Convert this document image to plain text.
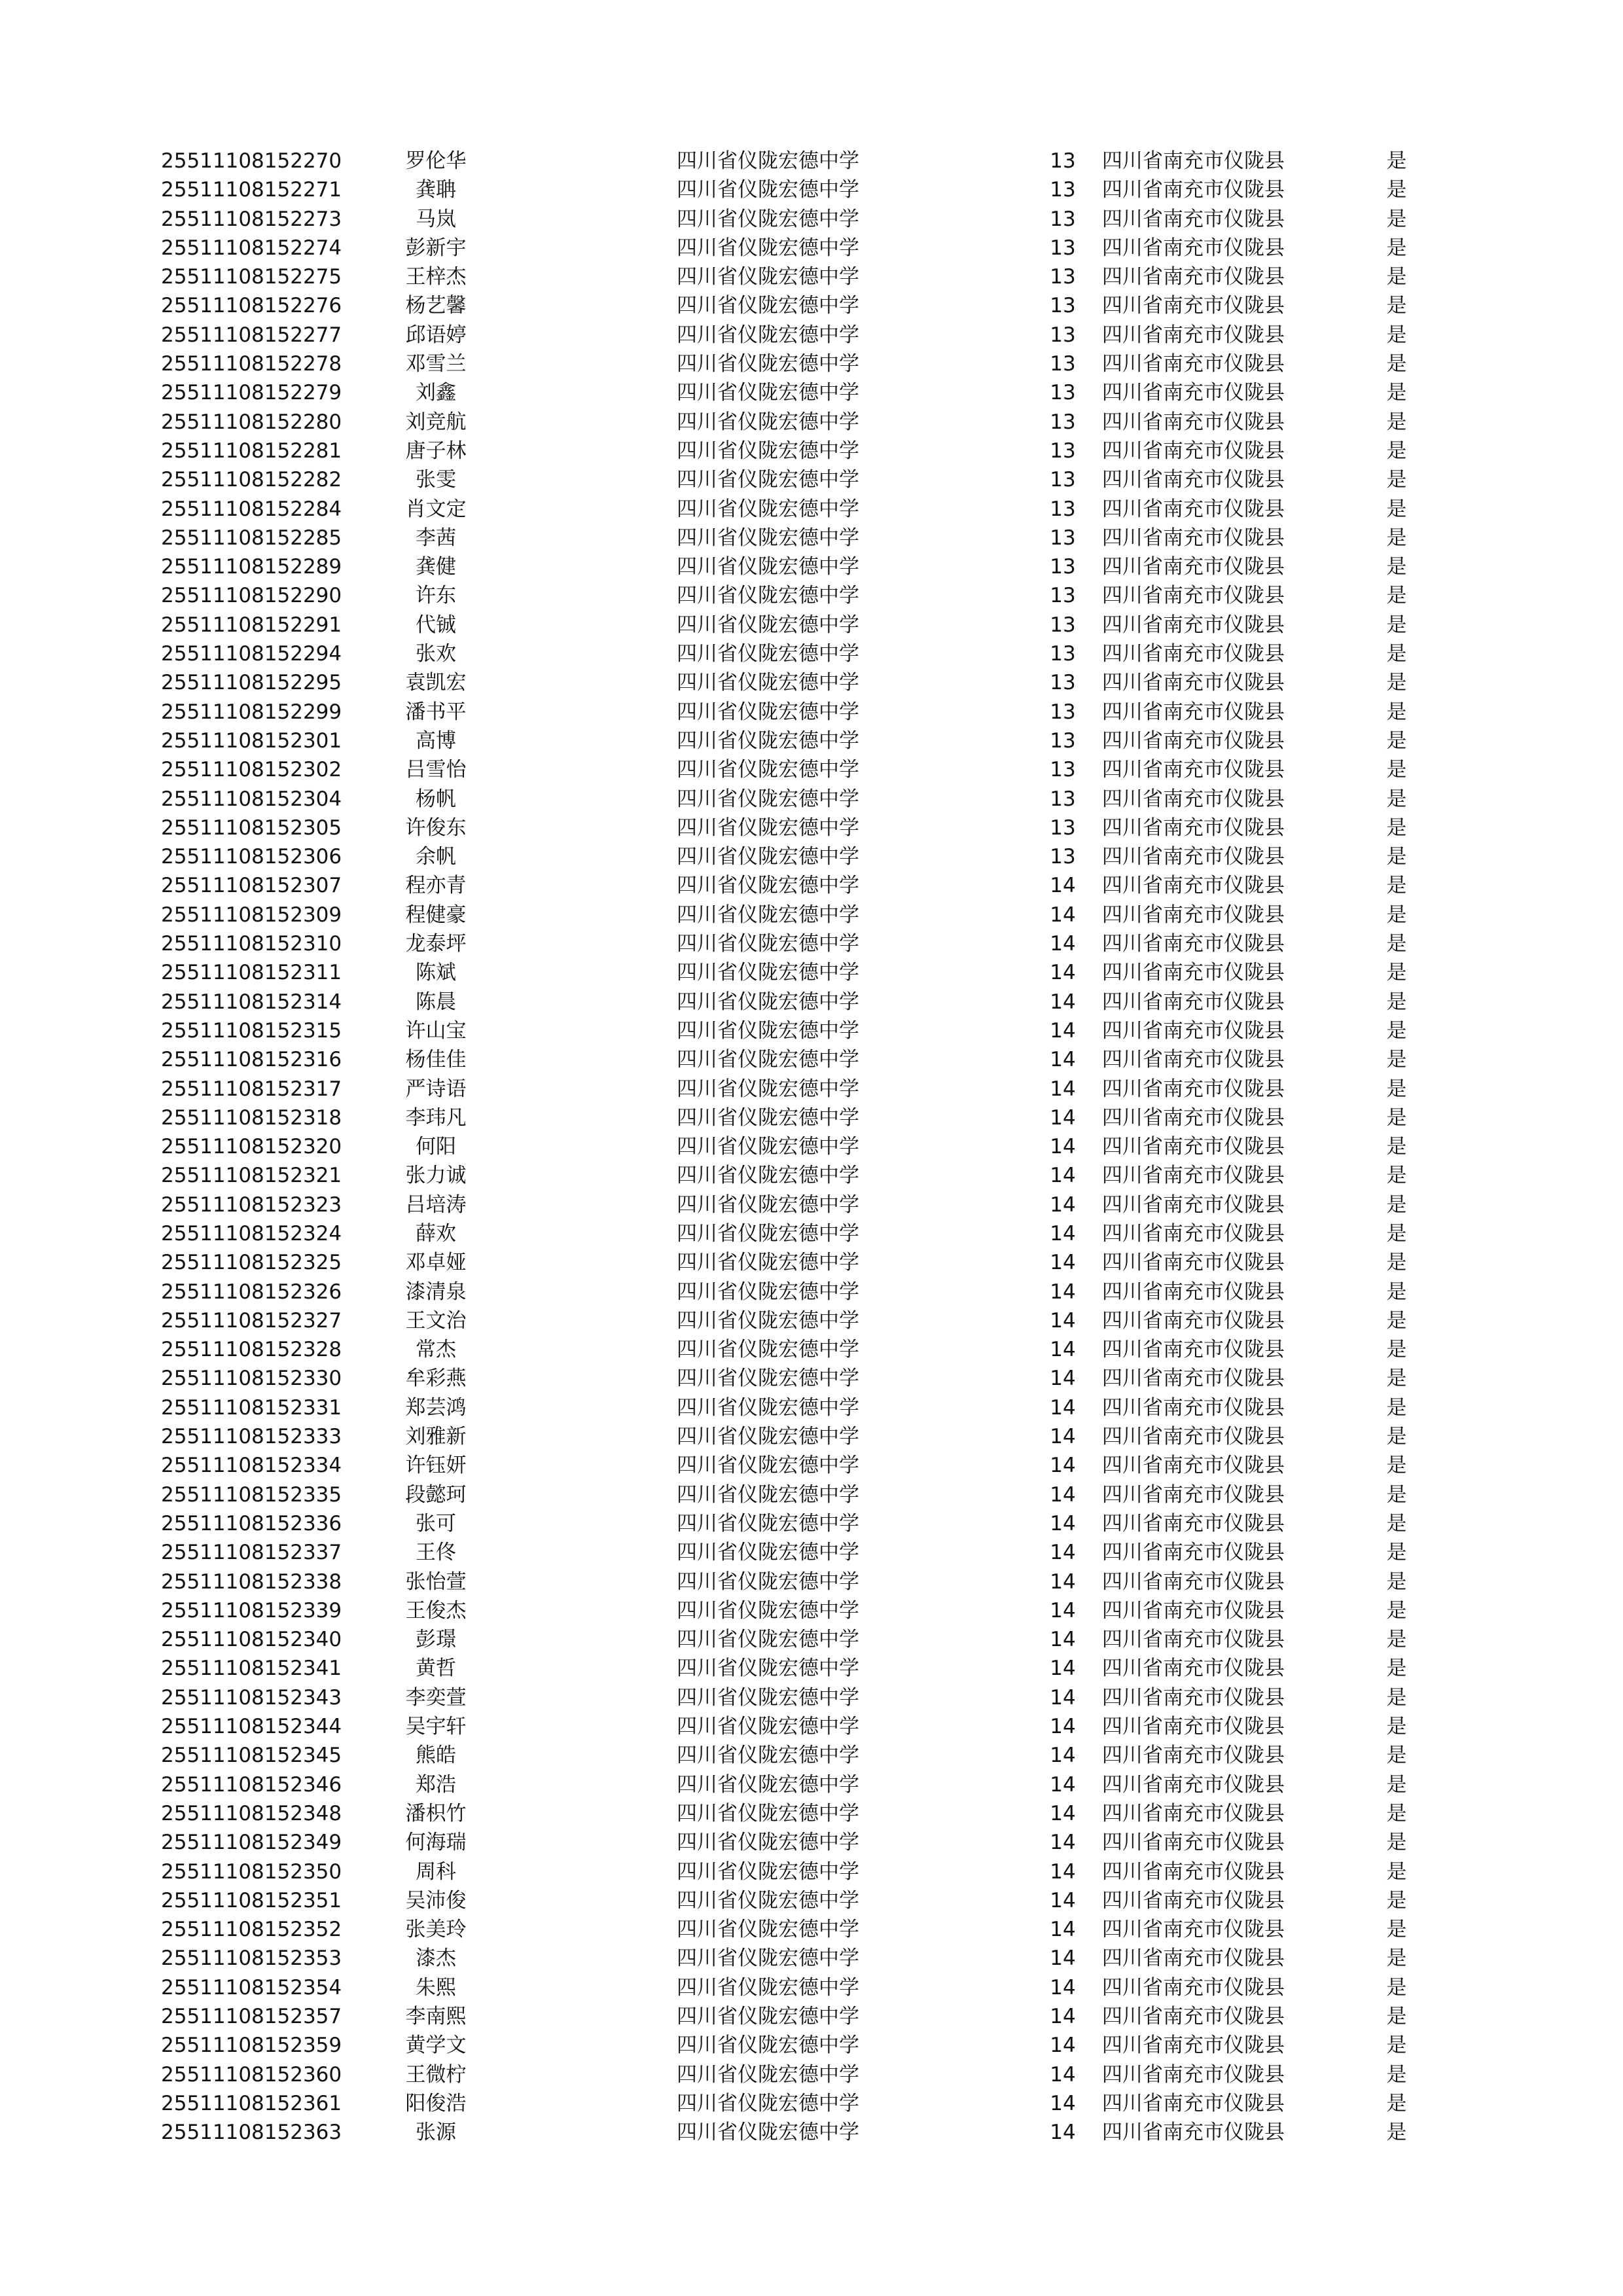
25511108152270	罗伦华	四川省仪陇宏德中学	13	四川省南充市仪陇县	是
25511108152271	龚聃	四川省仪陇宏德中学	13	四川省南充市仪陇县	是
25511108152273	马岚	四川省仪陇宏德中学	13	四川省南充市仪陇县	是
25511108152274	彭新宇	四川省仪陇宏德中学	13	四川省南充市仪陇县	是
25511108152275	王梓杰	四川省仪陇宏德中学	13	四川省南充市仪陇县	是
25511108152276	杨艺馨	四川省仪陇宏德中学	13	四川省南充市仪陇县	是
25511108152277	邱语婷	四川省仪陇宏德中学	13	四川省南充市仪陇县	是
25511108152278	邓雪兰	四川省仪陇宏德中学	13	四川省南充市仪陇县	是
25511108152279	刘鑫	四川省仪陇宏德中学	13	四川省南充市仪陇县	是
25511108152280	刘竞航	四川省仪陇宏德中学	13	四川省南充市仪陇县	是
25511108152281	唐子林	四川省仪陇宏德中学	13	四川省南充市仪陇县	是
25511108152282	张雯	四川省仪陇宏德中学	13	四川省南充市仪陇县	是
25511108152284	肖文定	四川省仪陇宏德中学	13	四川省南充市仪陇县	是
25511108152285	李茜	四川省仪陇宏德中学	13	四川省南充市仪陇县	是
25511108152289	龚健	四川省仪陇宏德中学	13	四川省南充市仪陇县	是
25511108152290	许东	四川省仪陇宏德中学	13	四川省南充市仪陇县	是
25511108152291	代铖	四川省仪陇宏德中学	13	四川省南充市仪陇县	是
25511108152294	张欢	四川省仪陇宏德中学	13	四川省南充市仪陇县	是
25511108152295	袁凯宏	四川省仪陇宏德中学	13	四川省南充市仪陇县	是
25511108152299	潘书平	四川省仪陇宏德中学	13	四川省南充市仪陇县	是
25511108152301	高博	四川省仪陇宏德中学	13	四川省南充市仪陇县	是
25511108152302	吕雪怡	四川省仪陇宏德中学	13	四川省南充市仪陇县	是
25511108152304	杨帆	四川省仪陇宏德中学	13	四川省南充市仪陇县	是
25511108152305	许俊东	四川省仪陇宏德中学	13	四川省南充市仪陇县	是
25511108152306	余帆	四川省仪陇宏德中学	13	四川省南充市仪陇县	是
25511108152307	程亦青	四川省仪陇宏德中学	14	四川省南充市仪陇县	是
25511108152309	程健豪	四川省仪陇宏德中学	14	四川省南充市仪陇县	是
25511108152310	龙泰坪	四川省仪陇宏德中学	14	四川省南充市仪陇县	是
25511108152311	陈斌	四川省仪陇宏德中学	14	四川省南充市仪陇县	是
25511108152314	陈晨	四川省仪陇宏德中学	14	四川省南充市仪陇县	是
25511108152315	许山宝	四川省仪陇宏德中学	14	四川省南充市仪陇县	是
25511108152316	杨佳佳	四川省仪陇宏德中学	14	四川省南充市仪陇县	是
25511108152317	严诗语	四川省仪陇宏德中学	14	四川省南充市仪陇县	是
25511108152318	李玮凡	四川省仪陇宏德中学	14	四川省南充市仪陇县	是
25511108152320	何阳	四川省仪陇宏德中学	14	四川省南充市仪陇县	是
25511108152321	张力诚	四川省仪陇宏德中学	14	四川省南充市仪陇县	是
25511108152323	吕培涛	四川省仪陇宏德中学	14	四川省南充市仪陇县	是
25511108152324	薛欢	四川省仪陇宏德中学	14	四川省南充市仪陇县	是
25511108152325	邓卓娅	四川省仪陇宏德中学	14	四川省南充市仪陇县	是
25511108152326	漆清泉	四川省仪陇宏德中学	14	四川省南充市仪陇县	是
25511108152327	王文治	四川省仪陇宏德中学	14	四川省南充市仪陇县	是
25511108152328	常杰	四川省仪陇宏德中学	14	四川省南充市仪陇县	是
25511108152330	牟彩燕	四川省仪陇宏德中学	14	四川省南充市仪陇县	是
25511108152331	郑芸鸿	四川省仪陇宏德中学	14	四川省南充市仪陇县	是
25511108152333	刘雅新	四川省仪陇宏德中学	14	四川省南充市仪陇县	是
25511108152334	许钰妍	四川省仪陇宏德中学	14	四川省南充市仪陇县	是
25511108152335	段懿珂	四川省仪陇宏德中学	14	四川省南充市仪陇县	是
25511108152336	张可	四川省仪陇宏德中学	14	四川省南充市仪陇县	是
25511108152337	王佟	四川省仪陇宏德中学	14	四川省南充市仪陇县	是
25511108152338	张怡萱	四川省仪陇宏德中学	14	四川省南充市仪陇县	是
25511108152339	王俊杰	四川省仪陇宏德中学	14	四川省南充市仪陇县	是
25511108152340	彭璟	四川省仪陇宏德中学	14	四川省南充市仪陇县	是
25511108152341	黄哲	四川省仪陇宏德中学	14	四川省南充市仪陇县	是
25511108152343	李奕萱	四川省仪陇宏德中学	14	四川省南充市仪陇县	是
25511108152344	吴宇轩	四川省仪陇宏德中学	14	四川省南充市仪陇县	是
25511108152345	熊皓	四川省仪陇宏德中学	14	四川省南充市仪陇县	是
25511108152346	郑浩	四川省仪陇宏德中学	14	四川省南充市仪陇县	是
25511108152348	潘枳竹	四川省仪陇宏德中学	14	四川省南充市仪陇县	是
25511108152349	何海瑞	四川省仪陇宏德中学	14	四川省南充市仪陇县	是
25511108152350	周科	四川省仪陇宏德中学	14	四川省南充市仪陇县	是
25511108152351	吴沛俊	四川省仪陇宏德中学	14	四川省南充市仪陇县	是
25511108152352	张美玲	四川省仪陇宏德中学	14	四川省南充市仪陇县	是
25511108152353	漆杰	四川省仪陇宏德中学	14	四川省南充市仪陇县	是
25511108152354	朱熙	四川省仪陇宏德中学	14	四川省南充市仪陇县	是
25511108152357	李南熙	四川省仪陇宏德中学	14	四川省南充市仪陇县	是
25511108152359	黄学文	四川省仪陇宏德中学	14	四川省南充市仪陇县	是
25511108152360	王微柠	四川省仪陇宏德中学	14	四川省南充市仪陇县	是
25511108152361	阳俊浩	四川省仪陇宏德中学	14	四川省南充市仪陇县	是
25511108152363	张源	四川省仪陇宏德中学	14	四川省南充市仪陇县	是
